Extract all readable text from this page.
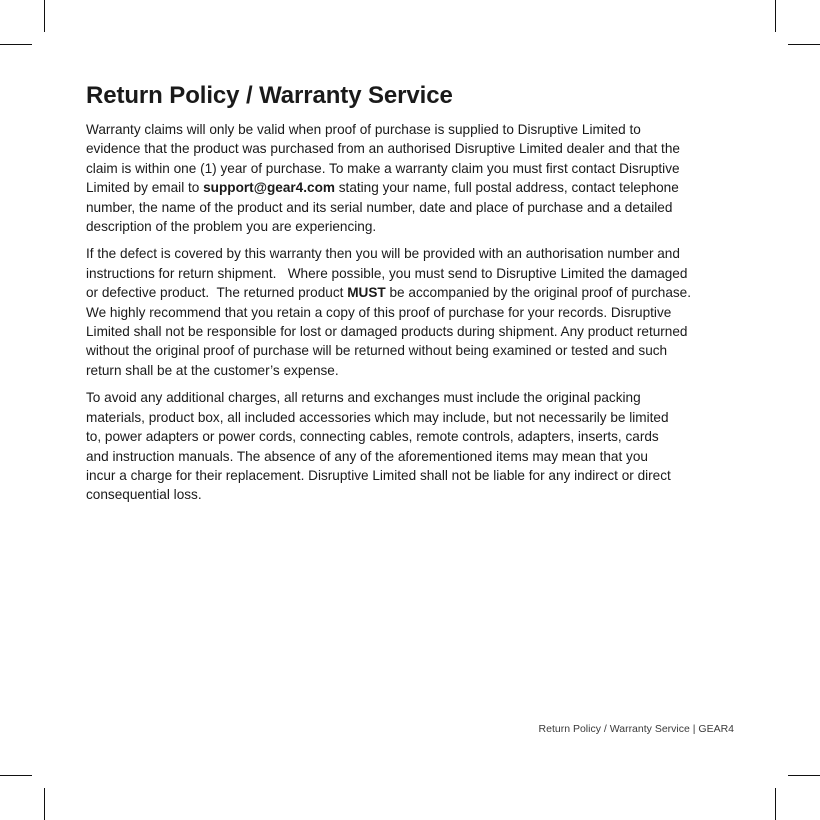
Return Policy / Warranty Service

Warranty claims will only be valid when proof of purchase is supplied to Disruptive Limited to
evidence that the product was purchased from an authorised Disruptive Limited dealer and that the
claim is within one (1) year of purchase. To make a warranty claim you must first contact Disruptive
Limited by email to support@gear4.com stating your name, full postal address, contact telephone
number, the name of the product and its serial number, date and place of purchase and a detailed
description of the problem you are experiencing.

If the defect is covered by this warranty then you will be provided with an authorisation number and
instructions for return shipment.   Where possible, you must send to Disruptive Limited the damaged
or defective product.  The returned product MUST be accompanied by the original proof of purchase.
We highly recommend that you retain a copy of this proof of purchase for your records. Disruptive
Limited shall not be responsible for lost or damaged products during shipment. Any product returned
without the original proof of purchase will be returned without being examined or tested and such
return shall be at the customer’s expense.

To avoid any additional charges, all returns and exchanges must include the original packing
materials, product box, all included accessories which may include, but not necessarily be limited
to, power adapters or power cords, connecting cables, remote controls, adapters, inserts, cards
and instruction manuals. The absence of any of the aforementioned items may mean that you
incur a charge for their replacement. Disruptive Limited shall not be liable for any indirect or direct
consequential loss.

Return Policy / Warranty Service | GEAR4
